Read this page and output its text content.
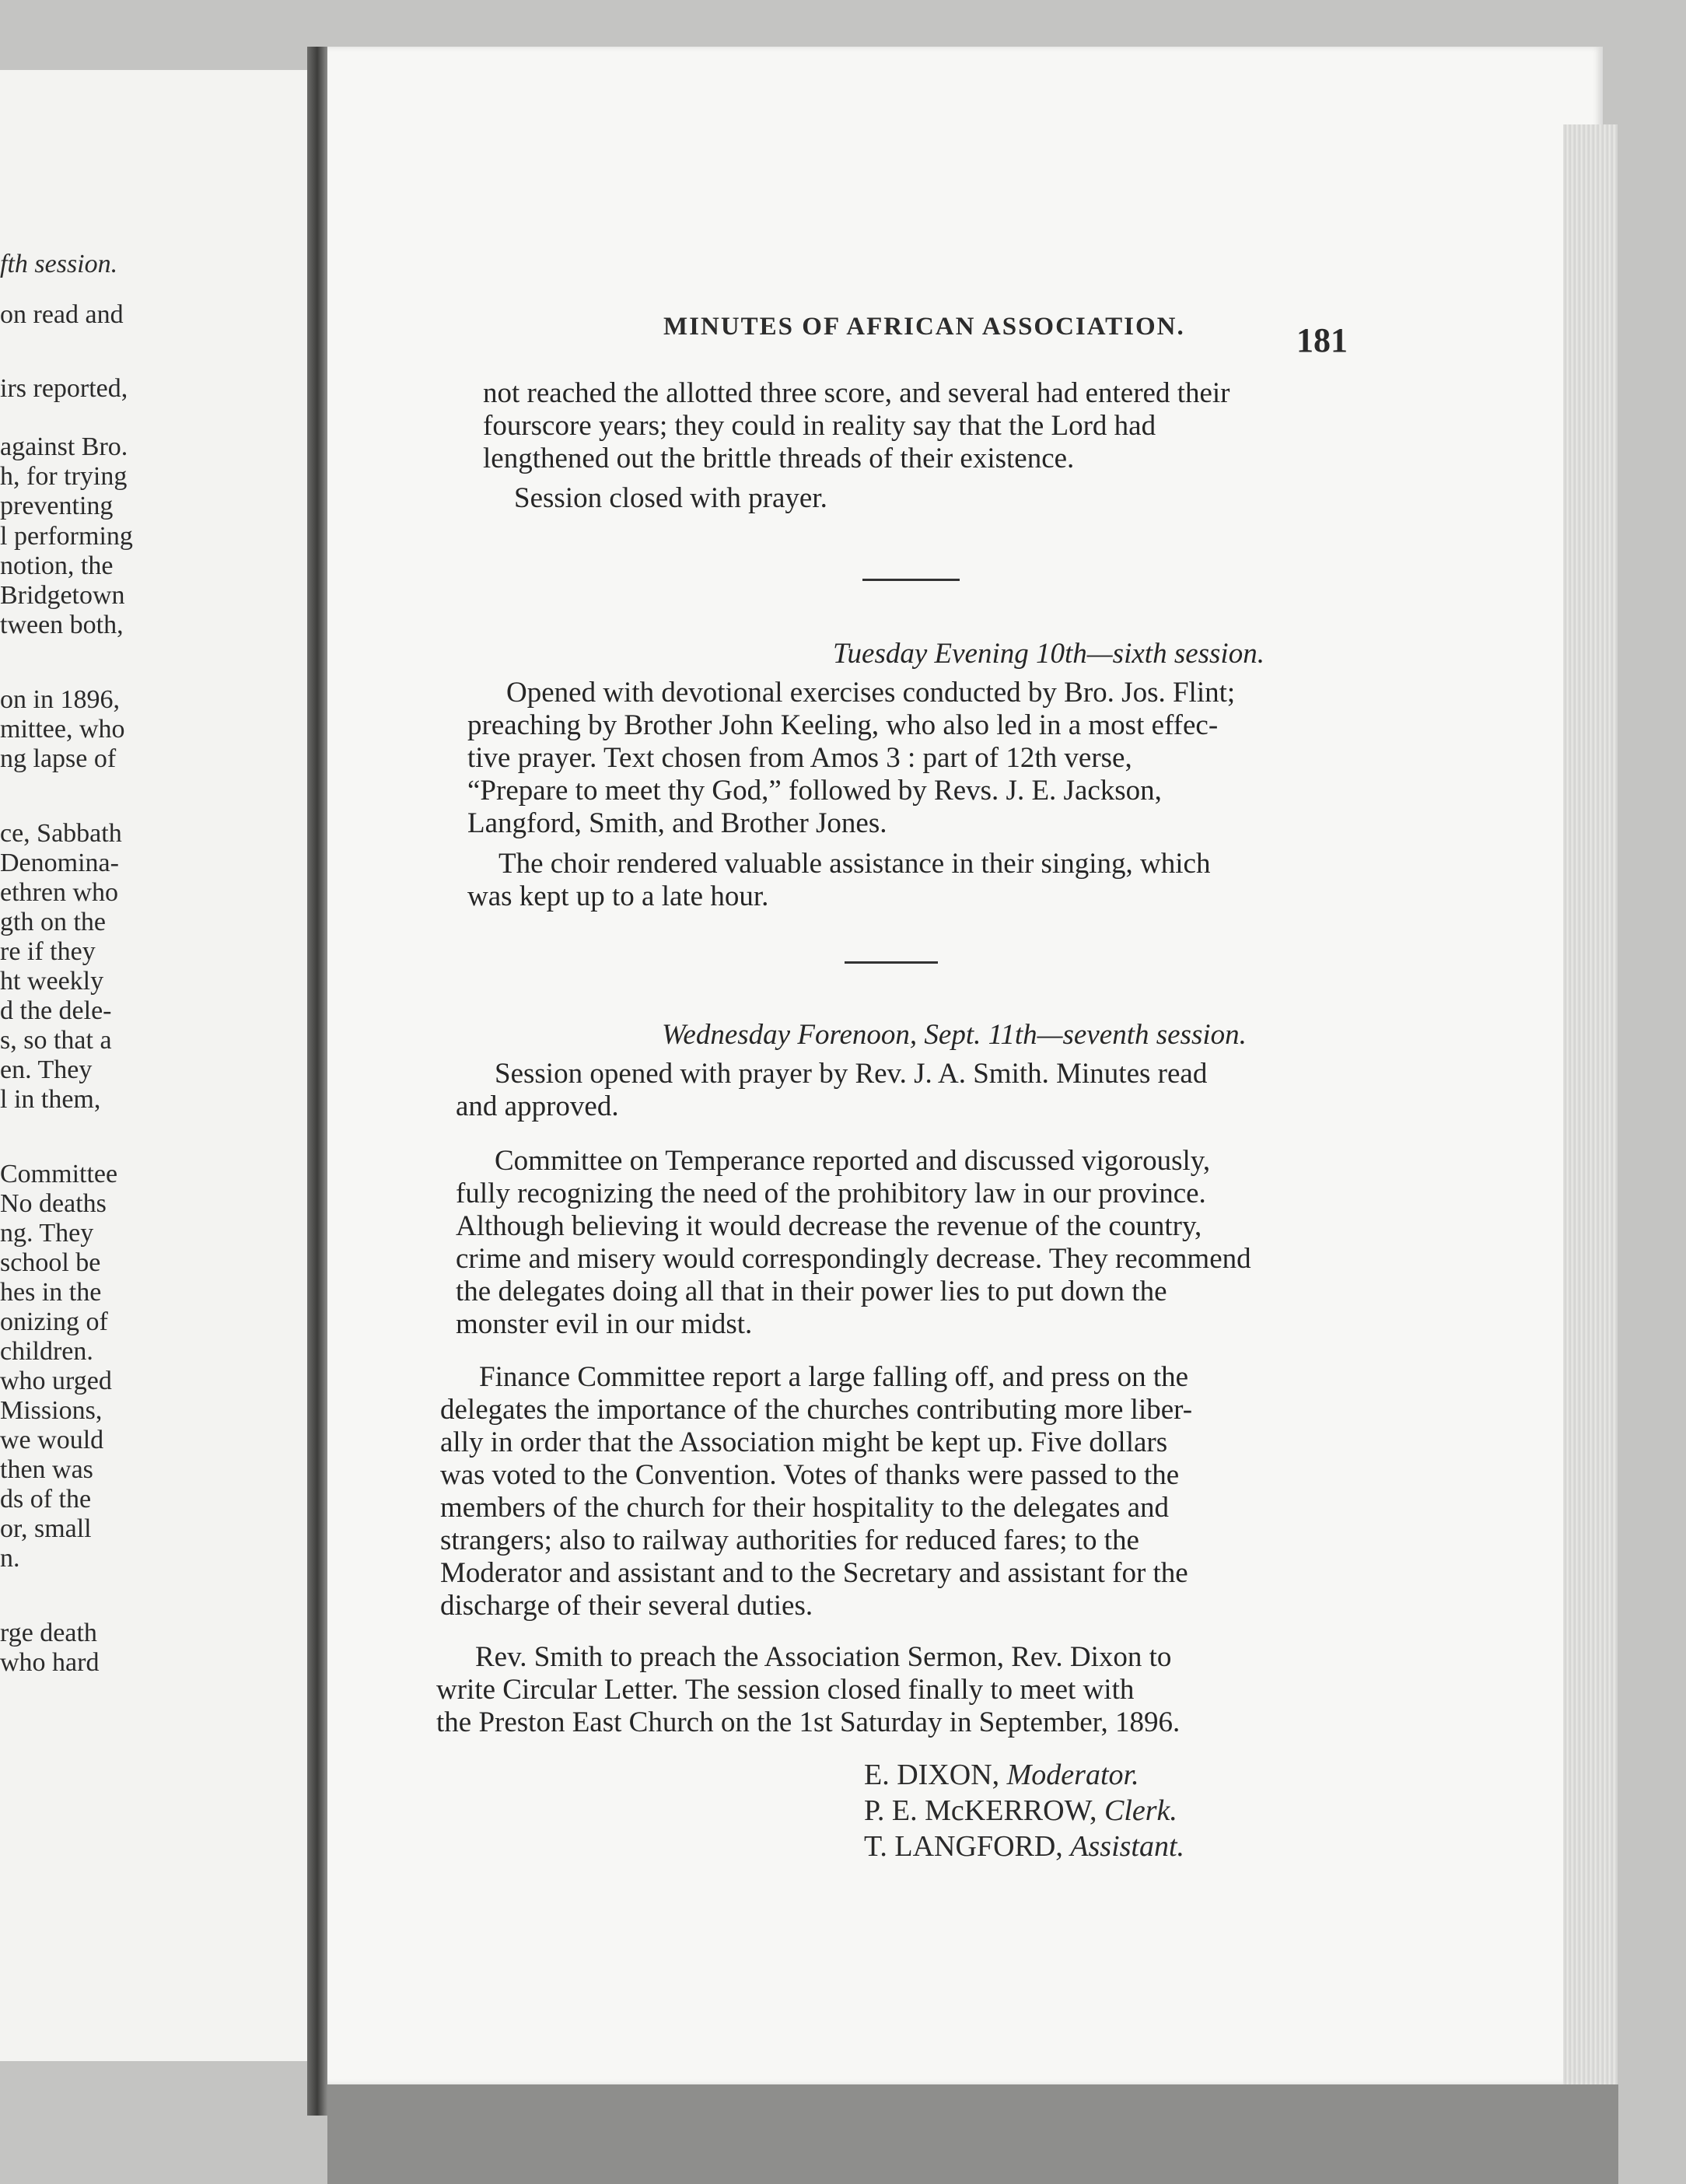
fth session.
on read and
irs reported,
against Bro.
h, for trying
preventing
l performing
notion, the
Bridgetown
tween both,
on in 1896,
mittee, who
ng lapse of
ce, Sabbath
Denomina-
ethren who
gth on the
re if they
ht weekly
d the dele-
s, so that a
en. They
l in them,
Committee
No deaths
ng. They
school be
hes in the
onizing of
children.
who urged
Missions,
we would
then was
ds of the
or, small
n.
rge death
who hard
MINUTES OF AFRICAN ASSOCIATION.	181
not reached the allotted three score, and several had entered their
fourscore years; they could in reality say that the Lord had
lengthened out the brittle threads of their existence.
Session closed with prayer.
Tuesday Evening 10th—sixth session.
Opened with devotional exercises conducted by Bro. Jos. Flint;
preaching by Brother John Keeling, who also led in a most effec-
tive prayer. Text chosen from Amos 3 : part of 12th verse,
“Prepare to meet thy God,” followed by Revs. J. E. Jackson,
Langford, Smith, and Brother Jones.
The choir rendered valuable assistance in their singing, which
was kept up to a late hour.
Wednesday Forenoon, Sept. 11th—seventh session.
Session opened with prayer by Rev. J. A. Smith. Minutes read
and approved.
Committee on Temperance reported and discussed vigorously,
fully recognizing the need of the prohibitory law in our province.
Although believing it would decrease the revenue of the country,
crime and misery would correspondingly decrease. They recommend
the delegates doing all that in their power lies to put down the
monster evil in our midst.
Finance Committee report a large falling off, and press on the
delegates the importance of the churches contributing more liber-
ally in order that the Association might be kept up. Five dollars
was voted to the Convention. Votes of thanks were passed to the
members of the church for their hospitality to the delegates and
strangers; also to railway authorities for reduced fares; to the
Moderator and assistant and to the Secretary and assistant for the
discharge of their several duties.
Rev. Smith to preach the Association Sermon, Rev. Dixon to
write Circular Letter. The session closed finally to meet with
the Preston East Church on the 1st Saturday in September, 1896.
E. DIXON, Moderator.
P. E. McKERROW, Clerk.
T. LANGFORD, Assistant.
